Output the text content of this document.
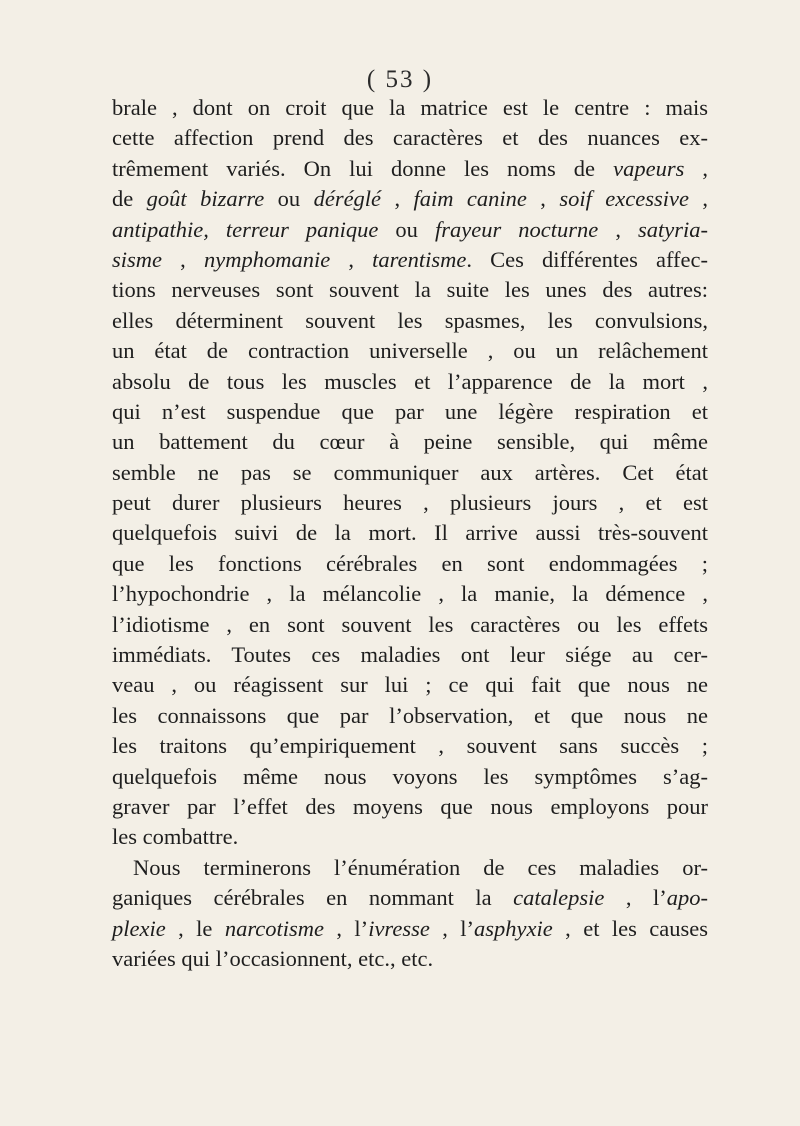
( 53 )
brale , dont on croit que la matrice est le centre : mais
cette affection prend des caractères et des nuances ex-
trêmement variés. On lui donne les noms de vapeurs ,
de goût bizarre ou déréglé , faim canine , soif excessive ,
antipathie, terreur panique ou frayeur nocturne , satyria-
sisme , nymphomanie , tarentisme. Ces différentes affec-
tions nerveuses sont souvent la suite les unes des autres:
elles déterminent souvent les spasmes, les convulsions,
un état de contraction universelle , ou un relâchement
absolu de tous les muscles et l’apparence de la mort ,
qui n’est suspendue que par une légère respiration et
un battement du cœur à peine sensible, qui même
semble ne pas se communiquer aux artères. Cet état
peut durer plusieurs heures , plusieurs jours , et est
quelquefois suivi de la mort. Il arrive aussi très-souvent
que les fonctions cérébrales en sont endommagées ;
l’hypochondrie , la mélancolie , la manie, la démence ,
l’idiotisme , en sont souvent les caractères ou les effets
immédiats. Toutes ces maladies ont leur siége au cer-
veau , ou réagissent sur lui ; ce qui fait que nous ne
les connaissons que par l’observation, et que nous ne
les traitons qu’empiriquement , souvent sans succès ;
quelquefois même nous voyons les symptômes s’ag-
graver par l’effet des moyens que nous employons pour
les combattre.
Nous terminerons l’énumération de ces maladies or-
ganiques cérébrales en nommant la catalepsie , l’apo-
plexie , le narcotisme , l’ivresse , l’asphyxie , et les causes
variées qui l’occasionnent, etc., etc.
